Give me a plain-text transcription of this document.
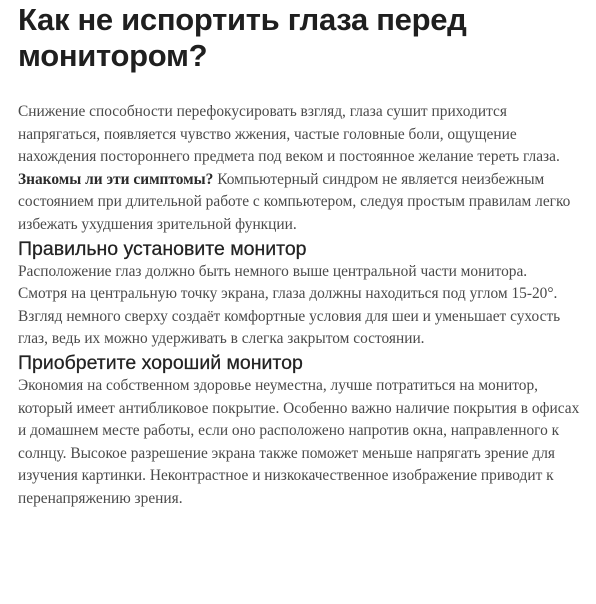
Как не испортить глаза перед монитором?

Снижение способности перефокусировать взгляд, глаза сушит приходится напрягаться, появляется чувство жжения, частые головные боли, ощущение нахождения постороннего предмета под веком и постоянное желание тереть глаза. Знакомы ли эти симптомы? Компьютерный синдром не является неизбежным состоянием при длительной работе с компьютером, следуя простым правилам легко избежать ухудшения зрительной функции.

Правильно установите монитор

Расположение глаз должно быть немного выше центральной части монитора. Смотря на центральную точку экрана, глаза должны находиться под углом 15-20°. Взгляд немного сверху создаёт комфортные условия для шеи и уменьшает сухость глаз, ведь их можно удерживать в слегка закрытом состоянии.

Приобретите хороший монитор

Экономия на собственном здоровье неуместна, лучше потратиться на монитор, который имеет антибликовое покрытие. Особенно важно наличие покрытия в офисах и домашнем месте работы, если оно расположено напротив окна, направленного к солнцу. Высокое разрешение экрана также поможет меньше напрягать зрение для изучения картинки. Неконтрастное и низкокачественное изображение приводит к перенапряжению зрения.
